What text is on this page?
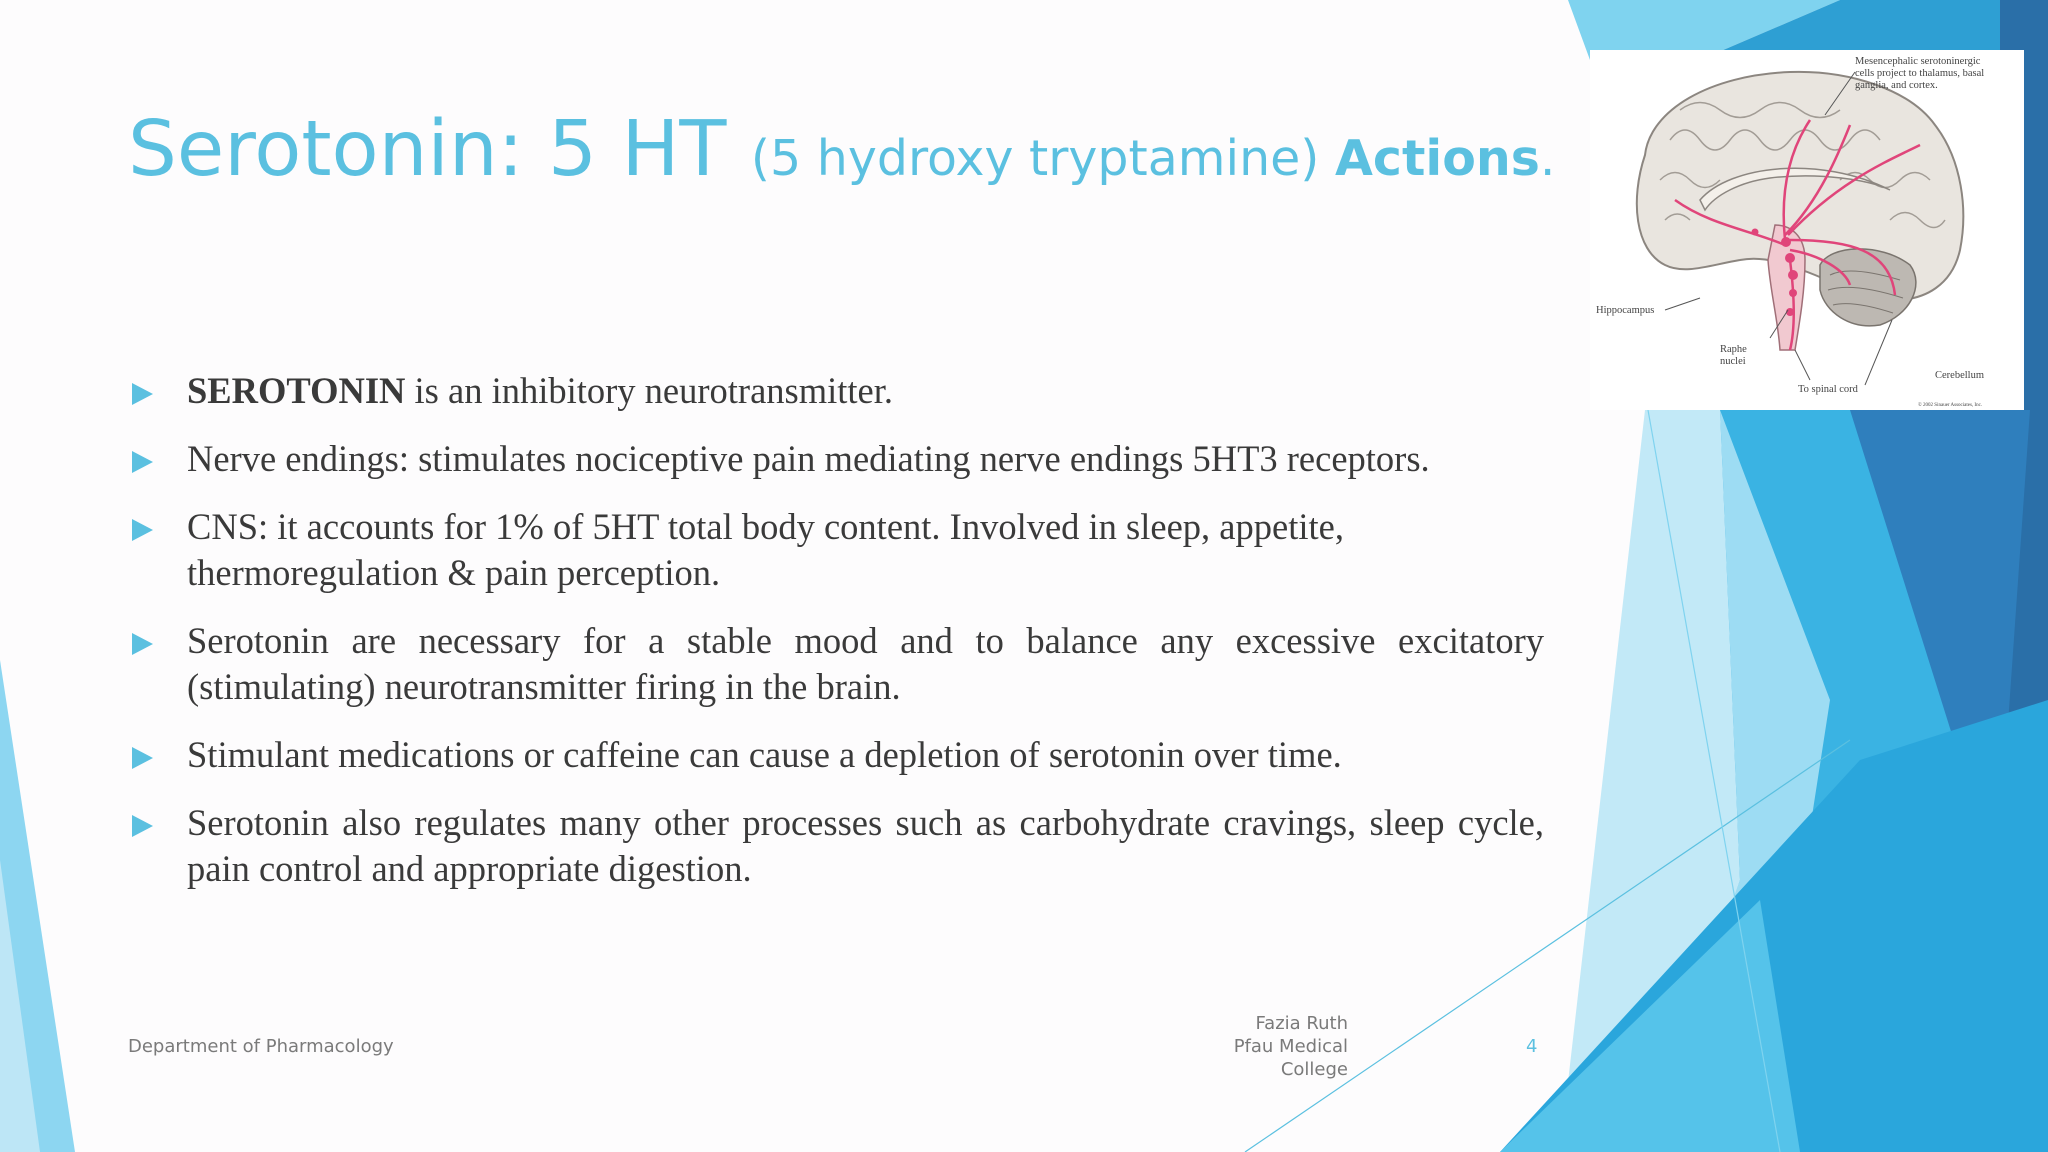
Serotonin: 5 HT (5 hydroxy tryptamine) Actions.
Mesencephalic serotoninergic
cells project to thalamus, basal
ganglia, and cortex.
Hippocampus
Raphe
nuclei
To spinal cord
Cerebellum
© 2002 Sinauer Associates, Inc.
SEROTONIN is an inhibitory neurotransmitter.
Nerve endings: stimulates nociceptive pain mediating nerve endings 5HT3 receptors.
CNS: it accounts for 1% of 5HT total body content. Involved in sleep, appetite, thermoregulation & pain perception.
Serotonin are necessary for a stable mood and to balance any excessive excitatory (stimulating) neurotransmitter firing in the brain.
Stimulant medications or caffeine can cause a depletion of serotonin over time.
Serotonin also regulates many other processes such as carbohydrate cravings, sleep cycle, pain control and appropriate digestion.
Department of Pharmacology
Fazia Ruth
Pfau Medical
College
4
